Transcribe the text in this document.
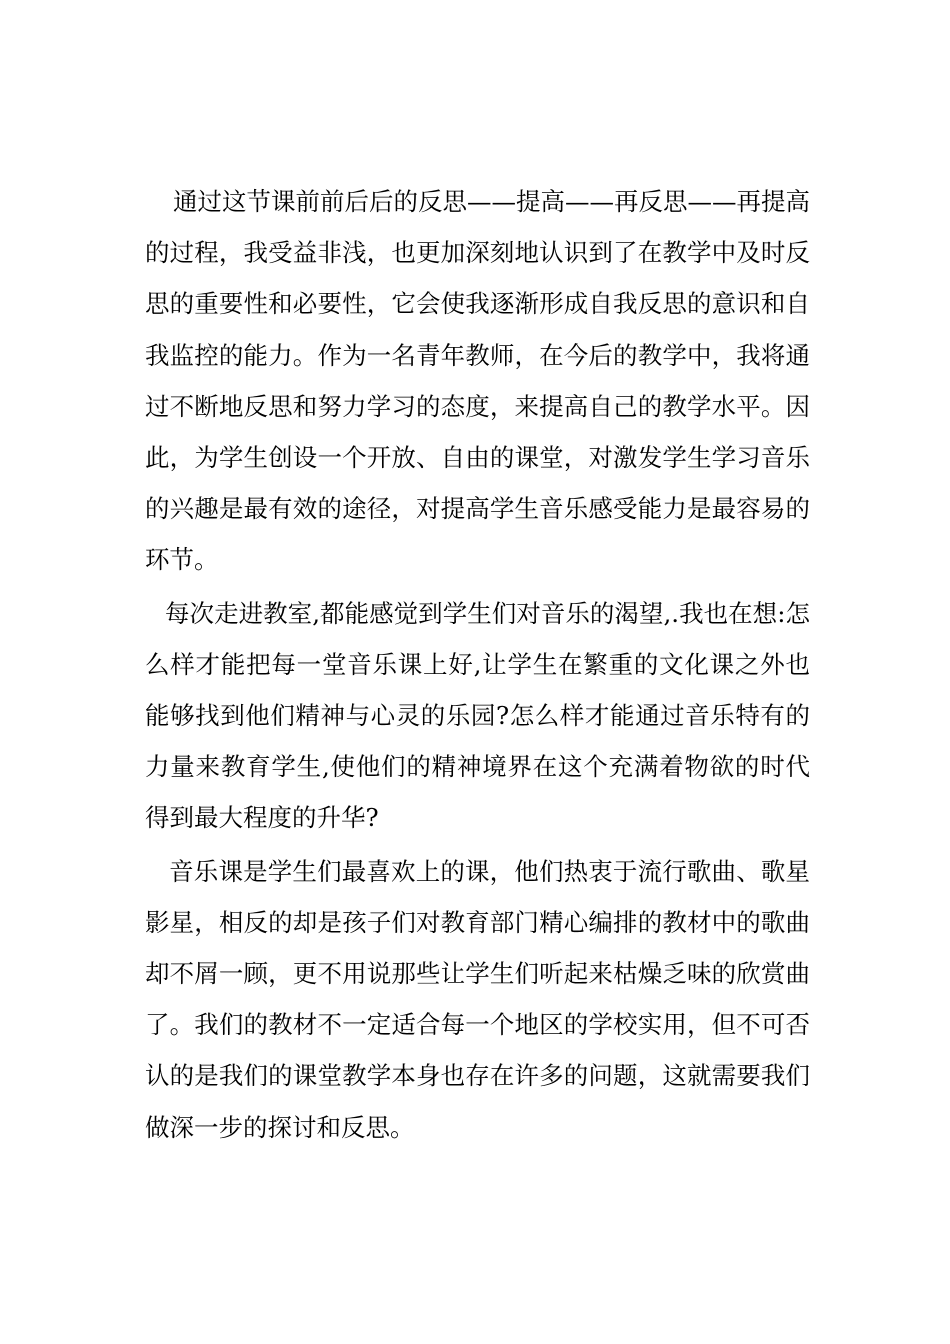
通过这节课前前后后的反思——提高——再反思——再提高的过程，我受益非浅，也更加深刻地认识到了在教学中及时反思的重要性和必要性，它会使我逐渐形成自我反思的意识和自我监控的能力。作为一名青年教师，在今后的教学中，我将通过不断地反思和努力学习的态度，来提高自己的教学水平。因此，为学生创设一个开放、自由的课堂，对激发学生学习音乐的兴趣是最有效的途径，对提高学生音乐感受能力是最容易的环节。

每次走进教室,都能感觉到学生们对音乐的渴望,.我也在想:怎么样才能把每一堂音乐课上好,让学生在繁重的文化课之外也能够找到他们精神与心灵的乐园?怎么样才能通过音乐特有的力量来教育学生,使他们的精神境界在这个充满着物欲的时代得到最大程度的升华?

音乐课是学生们最喜欢上的课，他们热衷于流行歌曲、歌星影星，相反的却是孩子们对教育部门精心编排的教材中的歌曲却不屑一顾，更不用说那些让学生们听起来枯燥乏味的欣赏曲了。我们的教材不一定适合每一个地区的学校实用，但不可否认的是我们的课堂教学本身也存在许多的问题，这就需要我们做深一步的探讨和反思。
